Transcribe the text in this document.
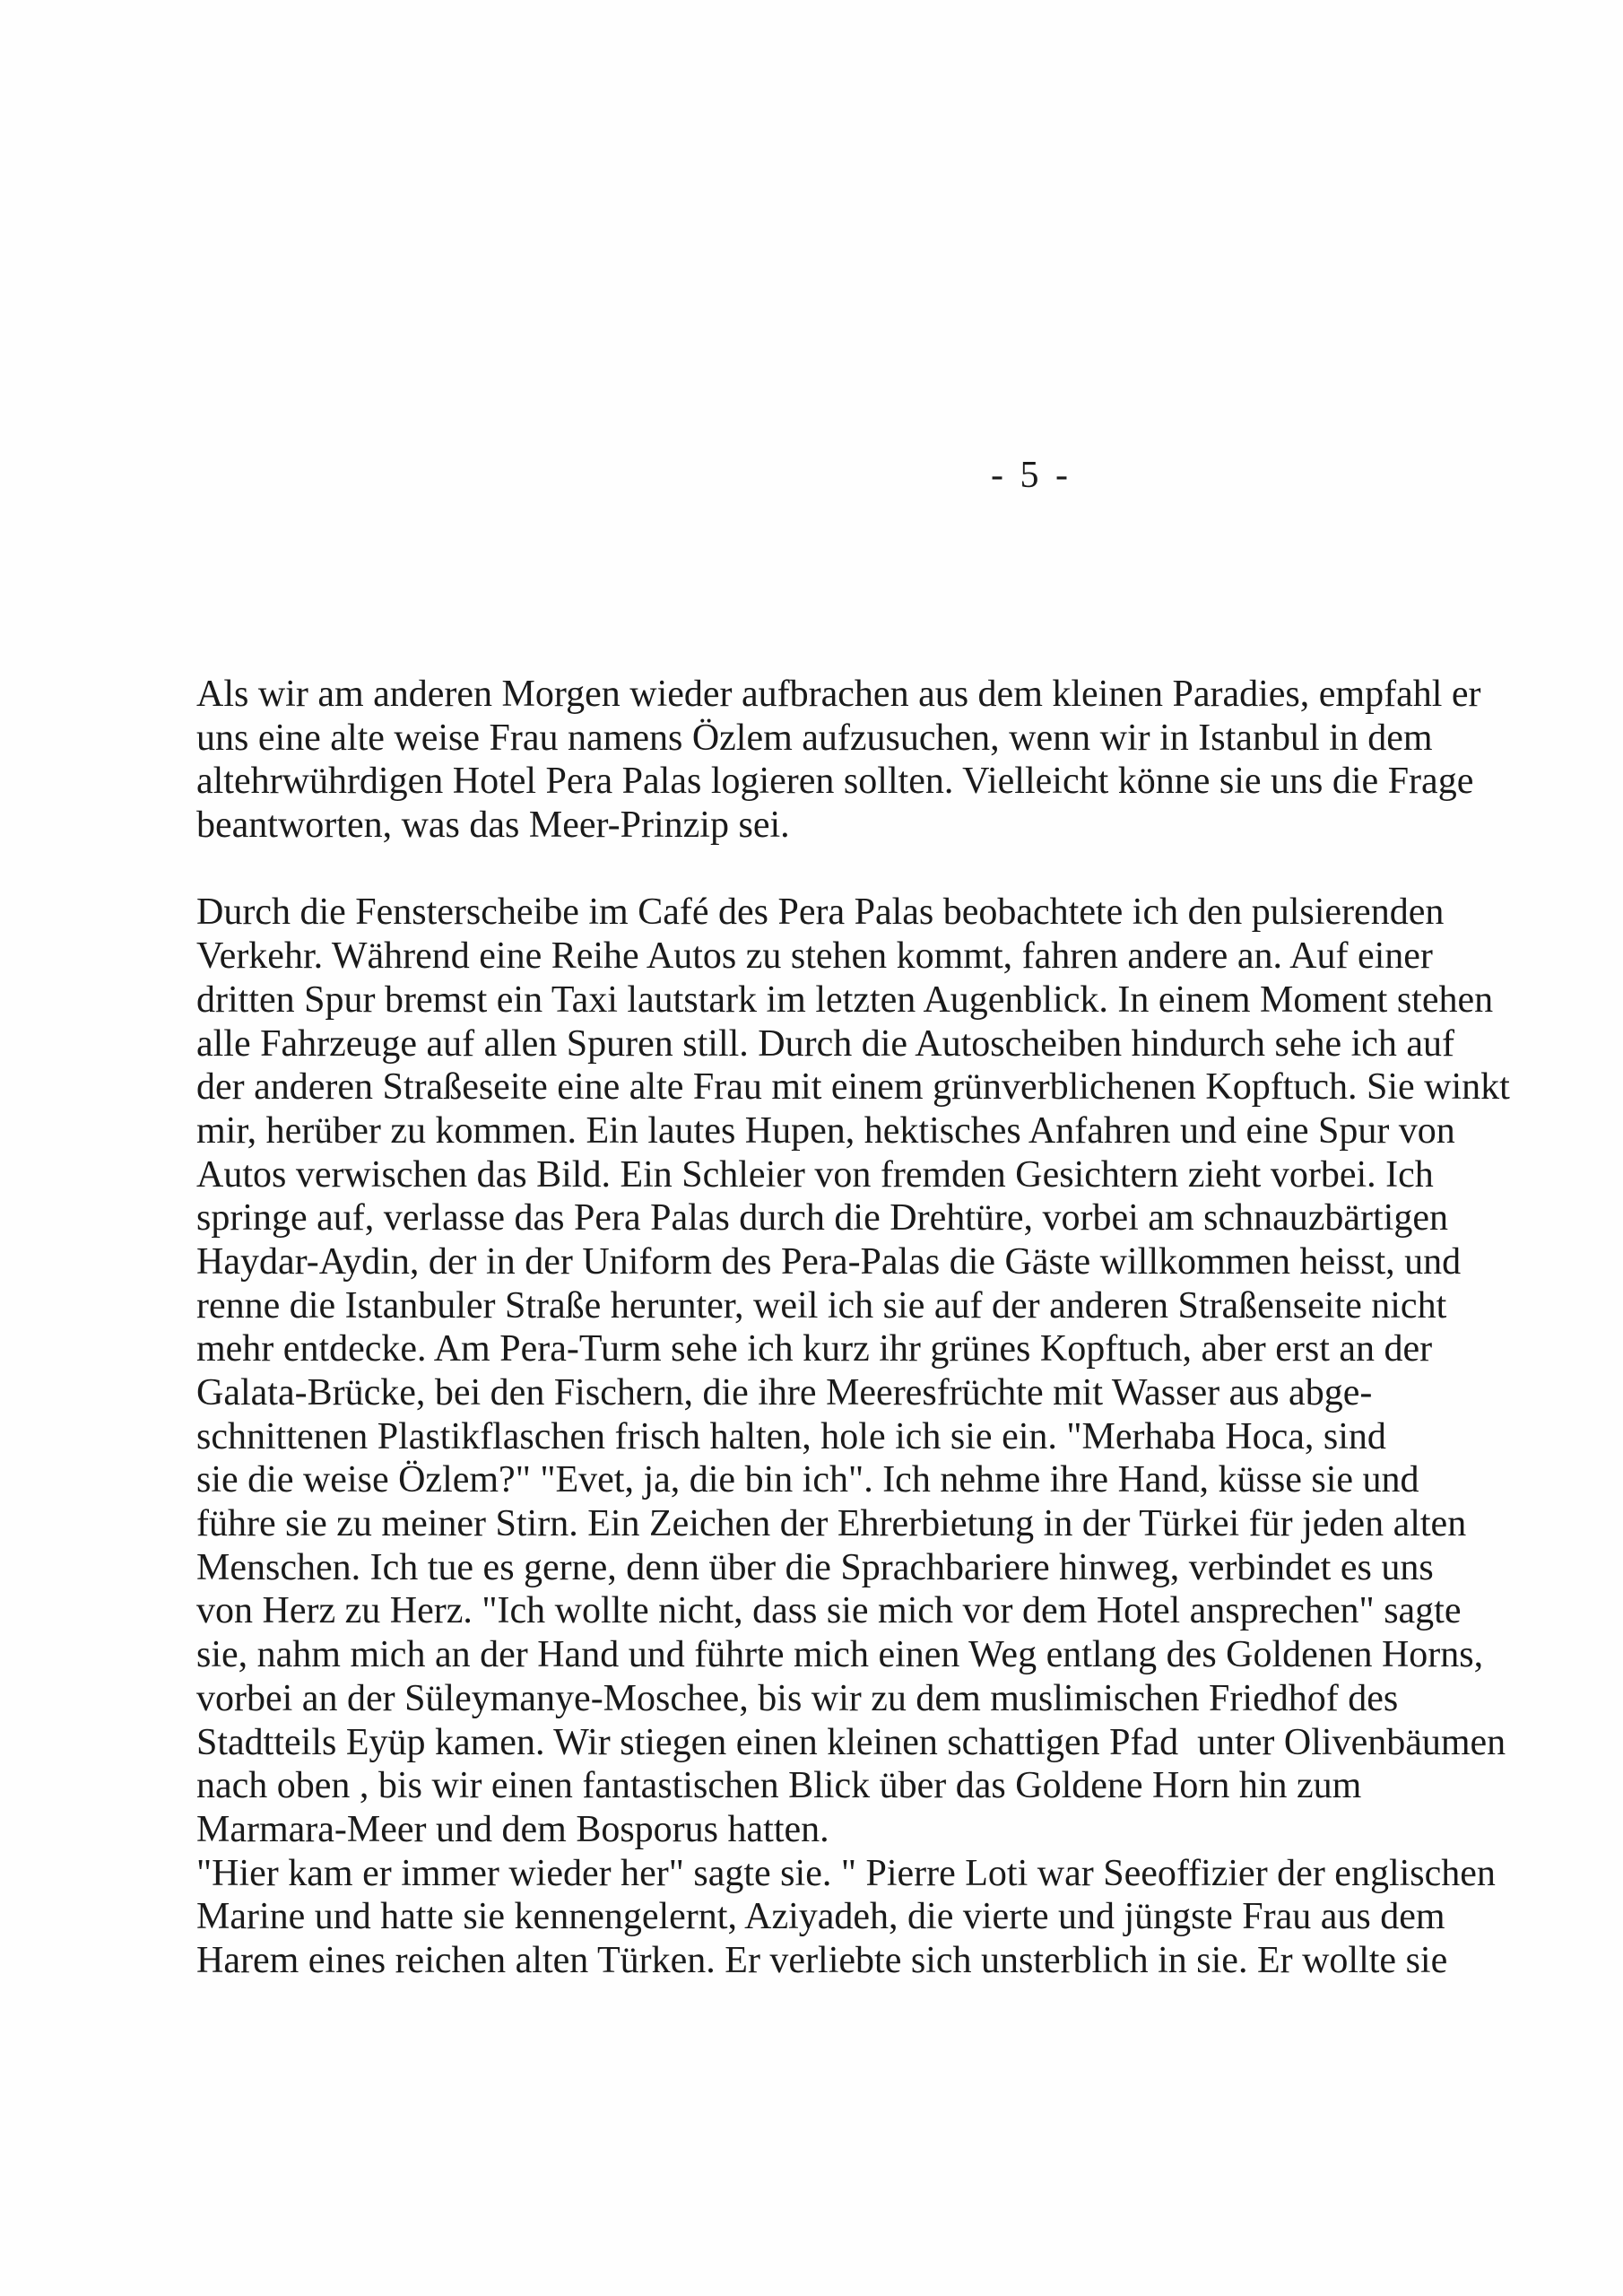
- 5 -
Als wir am anderen Morgen wieder aufbrachen aus dem kleinen Paradies, empfahl er
uns eine alte weise Frau namens Özlem aufzusuchen, wenn wir in Istanbul in dem
altehrwührdigen Hotel Pera Palas logieren sollten. Vielleicht könne sie uns die Frage
beantworten, was das Meer-Prinzip sei.
Durch die Fensterscheibe im Café des Pera Palas beobachtete ich den pulsierenden
Verkehr. Während eine Reihe Autos zu stehen kommt, fahren andere an. Auf einer
dritten Spur bremst ein Taxi lautstark im letzten Augenblick. In einem Moment stehen
alle Fahrzeuge auf allen Spuren still. Durch die Autoscheiben hindurch sehe ich auf
der anderen Straßeseite eine alte Frau mit einem grünverblichenen Kopftuch. Sie winkt
mir, herüber zu kommen. Ein lautes Hupen, hektisches Anfahren und eine Spur von
Autos verwischen das Bild. Ein Schleier von fremden Gesichtern zieht vorbei. Ich
springe auf, verlasse das Pera Palas durch die Drehtüre, vorbei am schnauzbärtigen
Haydar-Aydin, der in der Uniform des Pera-Palas die Gäste willkommen heisst, und
renne die Istanbuler Straße herunter, weil ich sie auf der anderen Straßenseite nicht
mehr entdecke. Am Pera-Turm sehe ich kurz ihr grünes Kopftuch, aber erst an der
Galata-Brücke, bei den Fischern, die ihre Meeresfrüchte mit Wasser aus abge-
schnittenen Plastikflaschen frisch halten, hole ich sie ein. "Merhaba Hoca, sind
sie die weise Özlem?" "Evet, ja, die bin ich". Ich nehme ihre Hand, küsse sie und
führe sie zu meiner Stirn. Ein Zeichen der Ehrerbietung in der Türkei für jeden alten
Menschen. Ich tue es gerne, denn über die Sprachbariere hinweg, verbindet es uns
von Herz zu Herz. "Ich wollte nicht, dass sie mich vor dem Hotel ansprechen" sagte
sie, nahm mich an der Hand und führte mich einen Weg entlang des Goldenen Horns,
vorbei an der Süleymanye-Moschee, bis wir zu dem muslimischen Friedhof des
Stadtteils Eyüp kamen. Wir stiegen einen kleinen schattigen Pfad  unter Olivenbäumen
nach oben , bis wir einen fantastischen Blick über das Goldene Horn hin zum
Marmara-Meer und dem Bosporus hatten.
"Hier kam er immer wieder her" sagte sie. " Pierre Loti war Seeoffizier der englischen
Marine und hatte sie kennengelernt, Aziyadeh, die vierte und jüngste Frau aus dem
Harem eines reichen alten Türken. Er verliebte sich unsterblich in sie. Er wollte sie
